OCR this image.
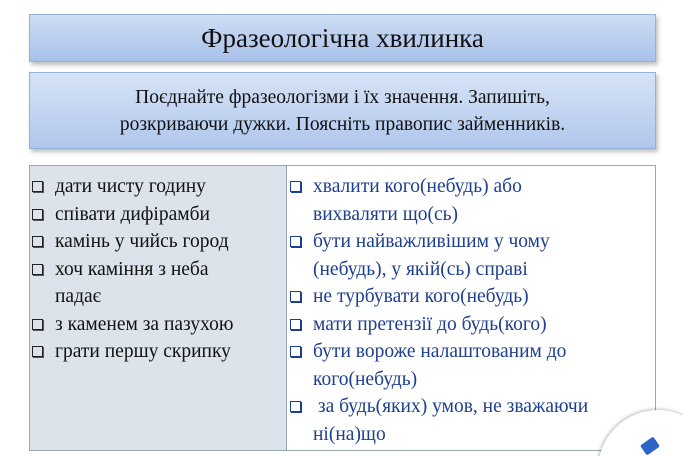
Фразеологічна хвилинка

Поєднайте фразеологізми і їх значення. Запишіть,
розкриваючи дужки. Поясніть правопис займенників.

дати чисту годину
співати дифірамби
камінь у чийсь город
хоч каміння з неба
падає
з каменем за пазухою
грати першу скрипку
хвалити кого(небудь) або
вихваляти що(сь)
бути найважливішим у чому
(небудь), у якій(сь) справі
не турбувати кого(небудь)
мати претензії до будь(кого)
бути вороже налаштованим до
кого(небудь)
за будь(яких) умов, не зважаючи
ні(на)що
